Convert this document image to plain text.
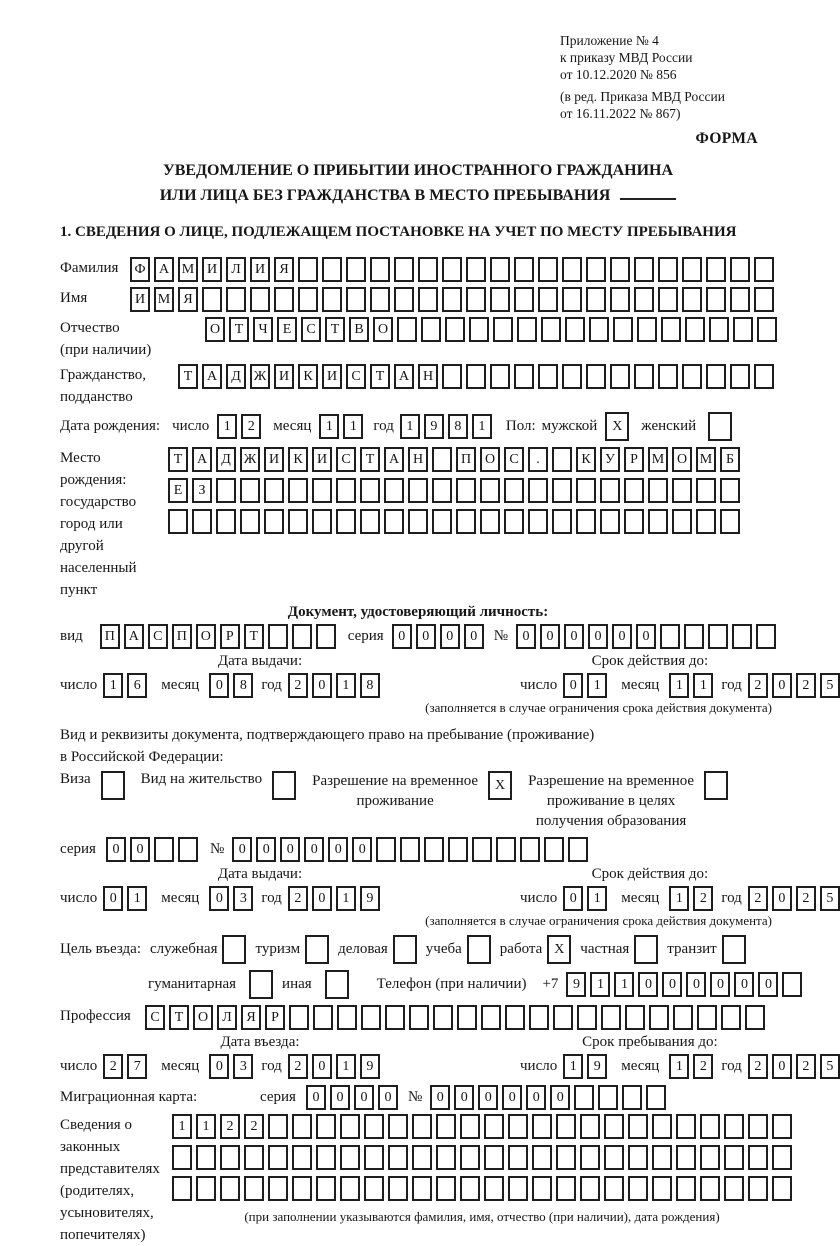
Приложение № 4
к приказу МВД России
от 10.12.2020 № 856
(в ред. Приказа МВД России
от 16.11.2022 № 867)
ФОРМА
УВЕДОМЛЕНИЕ О ПРИБЫТИИ ИНОСТРАННОГО ГРАЖДАНИНА
ИЛИ ЛИЦА БЕЗ ГРАЖДАНСТВА В МЕСТО ПРЕБЫВАНИЯ
1. СВЕДЕНИЯ О ЛИЦЕ, ПОДЛЕЖАЩЕМ ПОСТАНОВКЕ НА УЧЕТ ПО МЕСТУ ПРЕБЫВАНИЯ
Фамилия	Ф А М И	Л	И	Я
Имя	И М Я
Отчество
(при наличии)
О	Т	Ч	Е	С	Т	В	О
Гражданство,
подданство
Т	А	Д Ж И	К	И	С	Т	А Н
Дата рождения: число	1	2	месяц	1	1	год 1	9	8	1	Пол: мужской	X	женский
Место рождения:
государство
город или другой
населенный пункт
Т	А	Д Ж И	К	И	С	Т	А Н	П О	С	.	К	У	Р М О М Б
Е	З
Документ, удостоверяющий личность:
вид	П А	С	П О	Р	Т	серия	0	0	0	0	№	0	0	0	0	0	0
Дата выдачи:
число 1	6	месяц	0	8 год 2	0	1	8
Срок действия до:
число 0	1	месяц	1	1 год 2	0	2	5
(заполняется в случае ограничения срока действия документа)
Вид и реквизиты документа, подтверждающего право на пребывание (проживание)
в Российской Федерации:
Виза	Вид на жительство	Разрешение на временное
проживание
X	Разрешение на временное
проживание в целях
получения образования
серия	0	0	№	0	0	0	0	0	0
Дата выдачи:
число 0	1	месяц	0	3 год 2	0	1	9
Срок действия до:
число 0	1	месяц	1	2 год 2	0	2	5
(заполняется в случае ограничения срока действия документа)
Цель въезда: служебная	туризм	деловая	учеба	работа X	частная	транзит
гуманитарная	иная	Телефон (при наличии) +7	9	1	1	0	0	0	0	0	0
Профессия	С	Т	О	Л	Я	Р
Дата въезда:
число 2	7	месяц	0	3 год 2	0	1	9
Срок пребывания до:
число 1	9	месяц	1	2 год 2	0	2	5
Миграционная карта:	серия	0	0	0	0	№	0	0	0	0	0	0
Сведения о
законных
представителях
(родителях,
усыновителях,
попечителях)
1	1	2	2
(при заполнении указываются фамилия, имя, отчество (при наличии), дата рождения)
